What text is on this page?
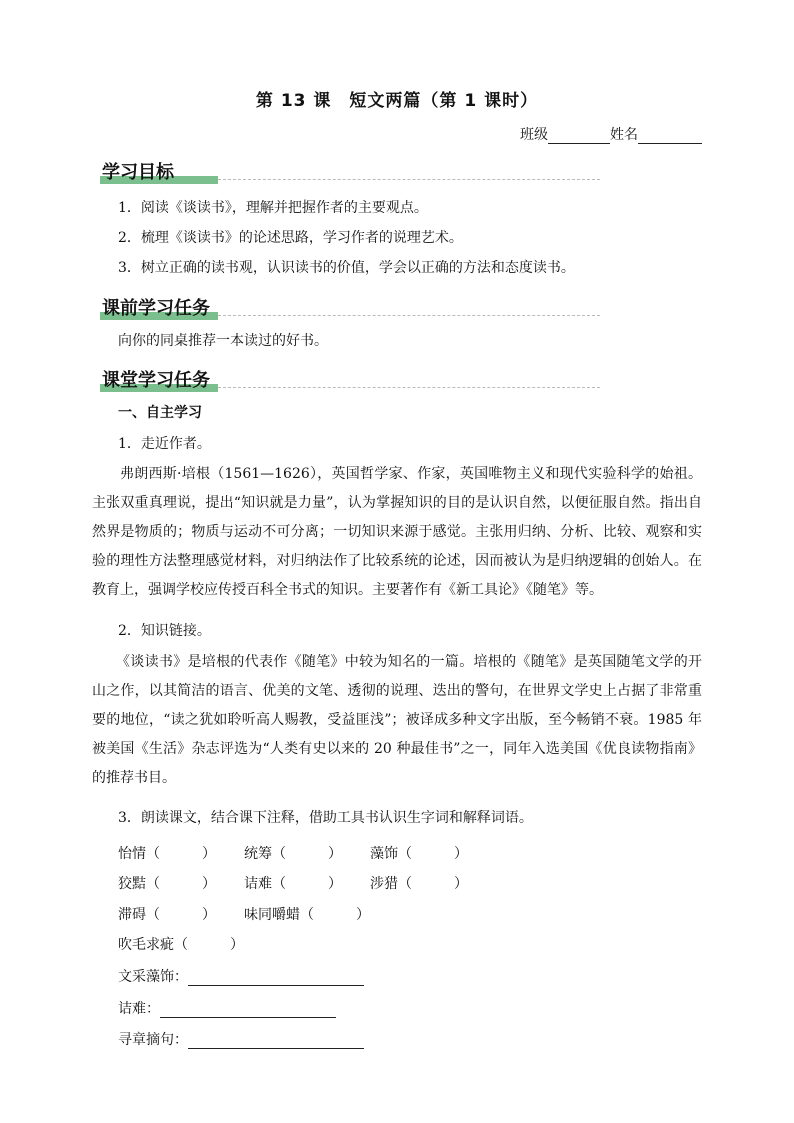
第 13 课　短文两篇（第 1 课时）
班级	姓名
学习目标
1．阅读《谈读书》，理解并把握作者的主要观点。
2．梳理《谈读书》的论述思路，学习作者的说理艺术。
3．树立正确的读书观，认识读书的价值，学会以正确的方法和态度读书。
课前学习任务
向你的同桌推荐一本读过的好书。
课堂学习任务
一、自主学习
1．走近作者。
弗朗西斯·培根（1561—1626），英国哲学家、作家，英国唯物主义和现代实验科学的始祖。主张双重真理说，提出“知识就是力量”，认为掌握知识的目的是认识自然，以便征服自然。指出自然界是物质的；物质与运动不可分离；一切知识来源于感觉。主张用归纳、分析、比较、观察和实验的理性方法整理感觉材料，对归纳法作了比较系统的论述，因而被认为是归纳逻辑的创始人。在教育上，强调学校应传授百科全书式的知识。主要著作有《新工具论》《随笔》等。
2．知识链接。
《谈读书》是培根的代表作《随笔》中较为知名的一篇。培根的《随笔》是英国随笔文学的开山之作，以其简洁的语言、优美的文笔、透彻的说理、迭出的警句，在世界文学史上占据了非常重要的地位，“读之犹如聆听高人赐教，受益匪浅”；被译成多种文字出版，至今畅销不衰。1985 年被美国《生活》杂志评选为“人类有史以来的 20 种最佳书”之一，同年入选美国《优良读物指南》的推荐书目。
3．朗读课文，结合课下注释，借助工具书认识生字词和解释词语。
怡情（　　　） 统筹（　　　） 藻饰（　　　）
狡黠（　　　） 诘难（　　　） 涉猎（　　　）
滞碍（　　　） 味同嚼蜡（　　　）
吹毛求疵（　　　）
文采藻饰：
诘难：
寻章摘句：
